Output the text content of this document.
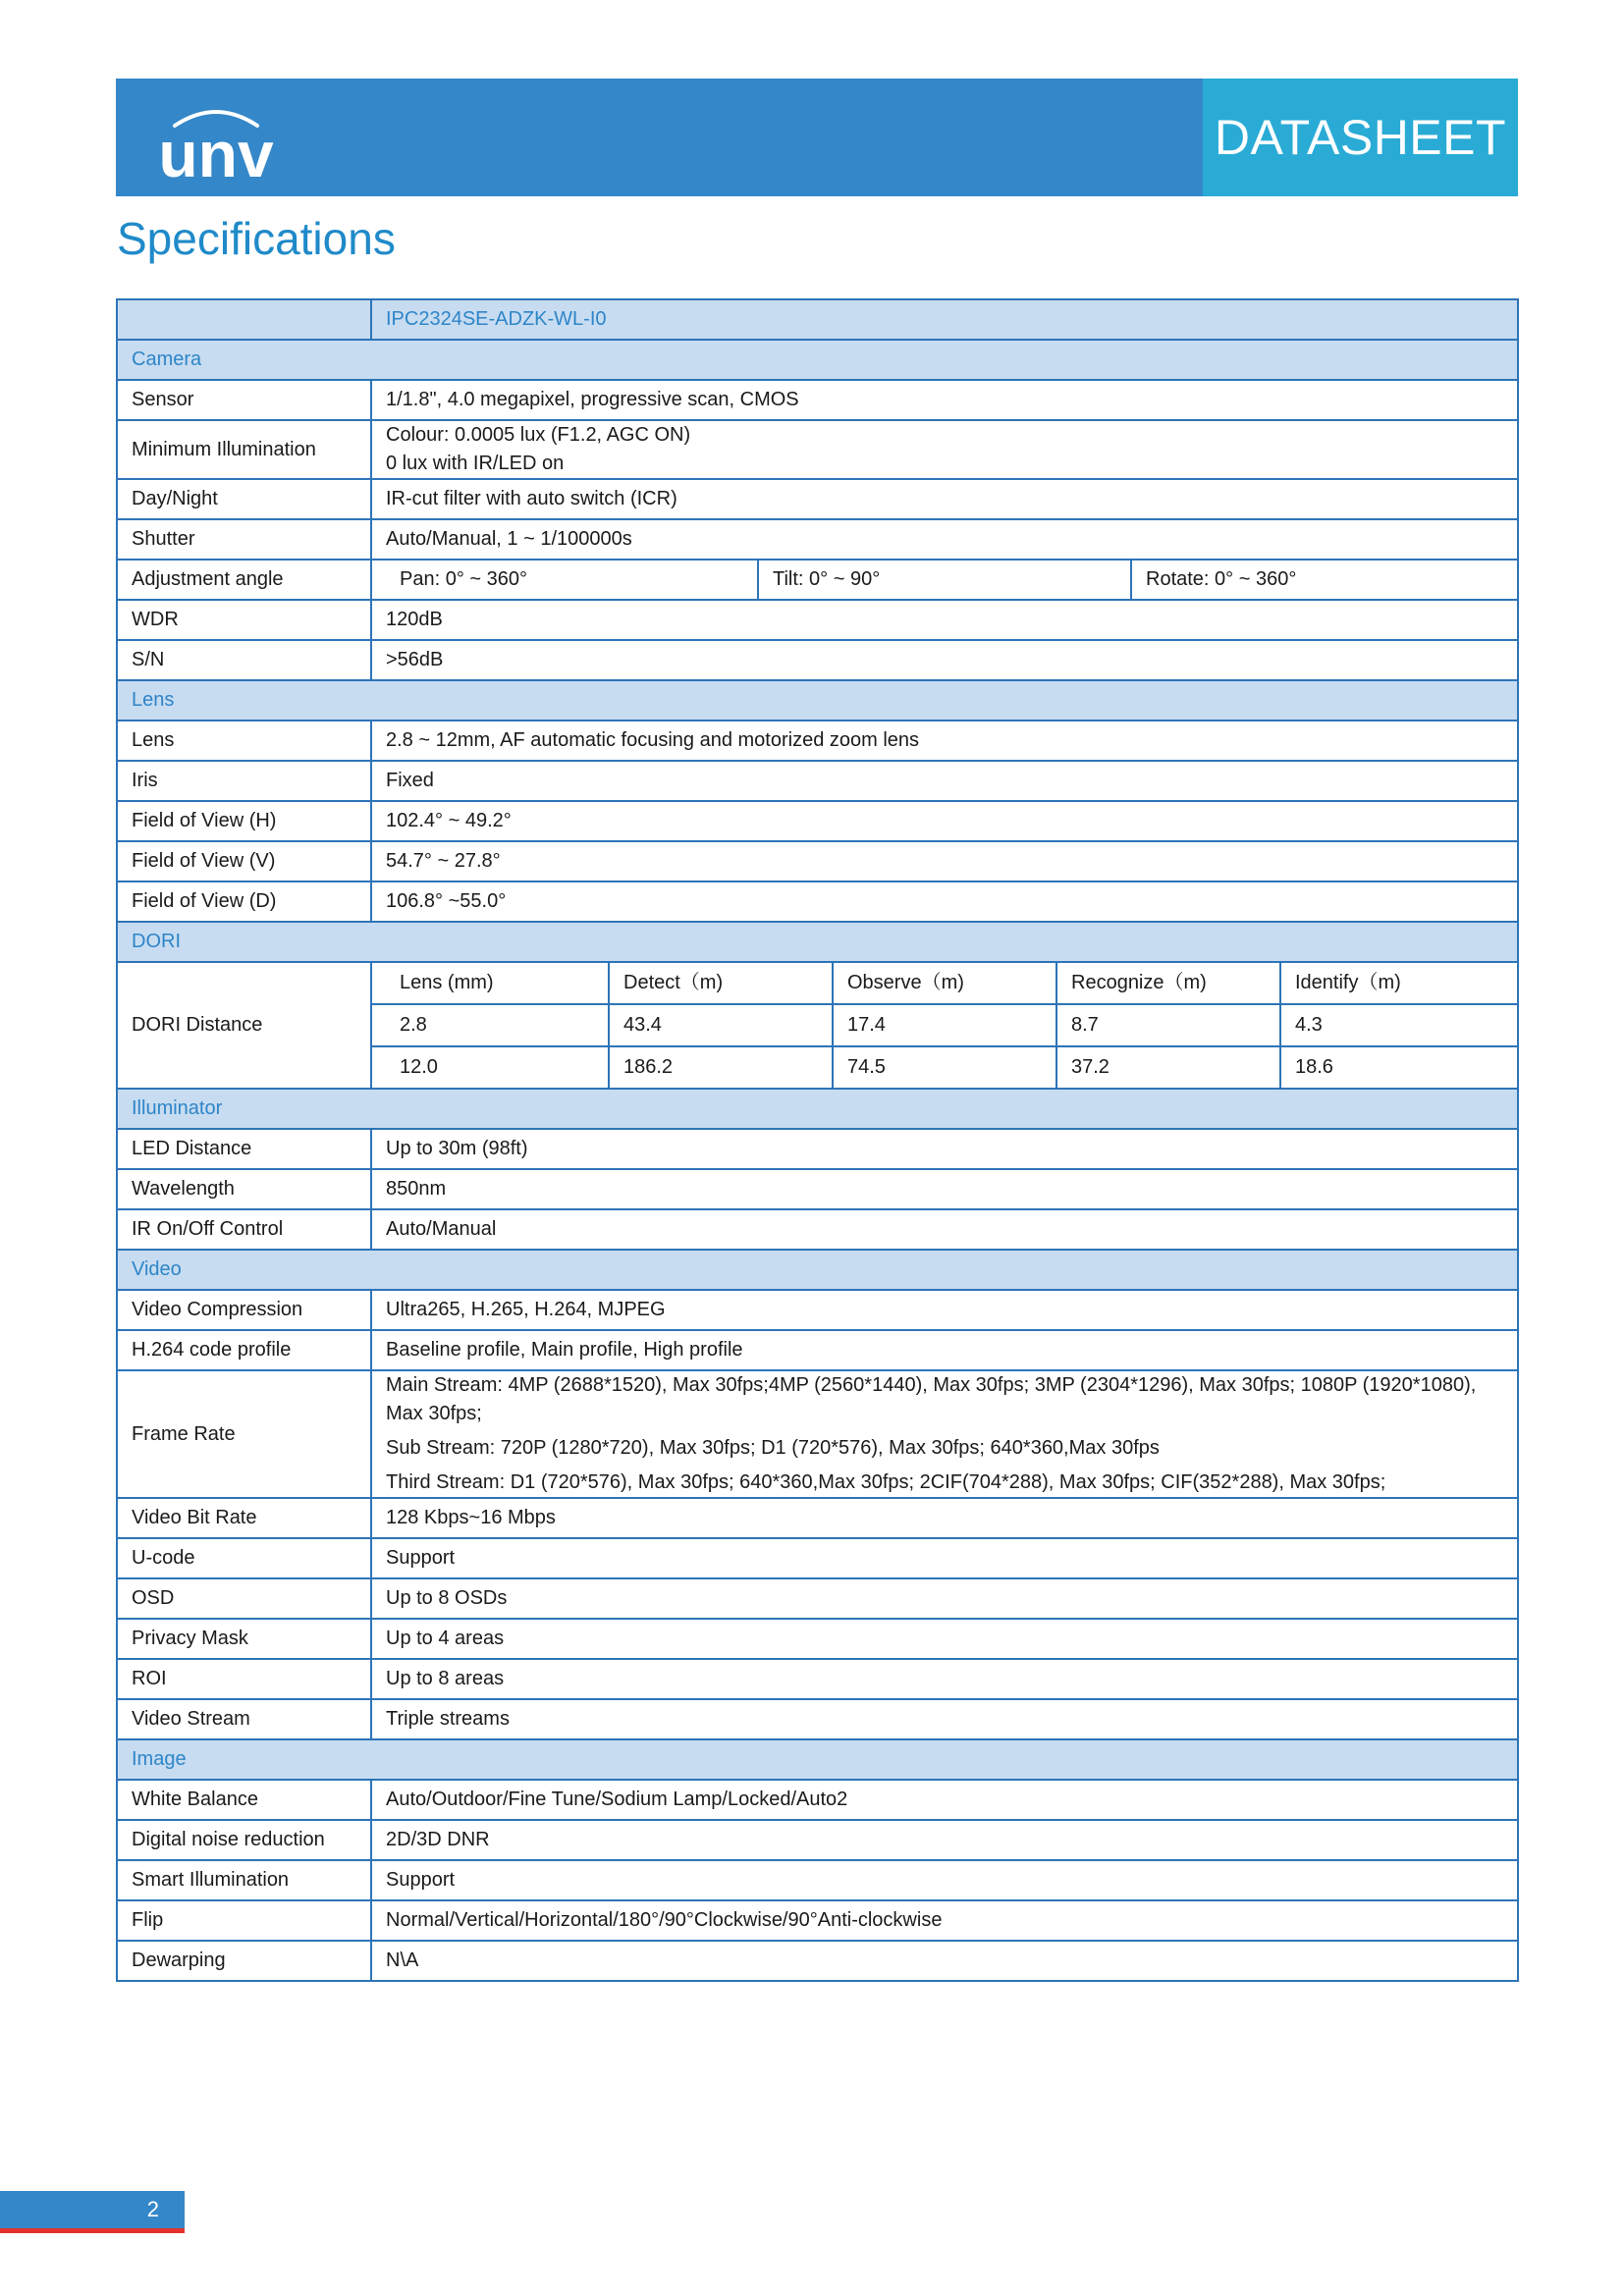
unv	DATASHEET
Specifications
	IPC2324SE-ADZK-WL-I0
Camera	
Sensor	1/1.8", 4.0 megapixel, progressive scan, CMOS
Minimum Illumination	Colour: 0.0005 lux (F1.2, AGC ON)
0 lux with IR/LED on

Day/Night	IR-cut filter with auto switch (ICR)
Shutter	Auto/Manual, 1 ~ 1/100000s
Adjustment angle	Pan: 0° ~ 360° Tilt: 0° ~ 90° Rotate: 0° ~ 360°

WDR	120dB
S/N	>56dB
Lens	
Lens	2.8 ~ 12mm, AF automatic focusing and motorized zoom lens
Iris	Fixed
Field of View (H)	102.4° ~ 49.2°
Field of View (V)	54.7° ~ 27.8°
Field of View (D)	106.8° ~55.0°
DORI	
DORI Distance	Lens (mm) Detect（m) Observe（m) Recognize（m) Identify（m)

2.8 43.4 17.4 8.7 4.3

12.0 186.2 74.5 37.2 18.6

Illuminator	
LED Distance	Up to 30m (98ft)
Wavelength	850nm
IR On/Off Control	Auto/Manual
Video	
Video Compression	Ultra265, H.265, H.264, MJPEG
H.264 code profile	Baseline profile, Main profile, High profile
Frame Rate	Main Stream: 4MP (2688*1520), Max 30fps;4MP (2560*1440), Max 30fps; 3MP (2304*1296), Max 30fps; 1080P (1920*1080), Max 30fps;
Sub Stream: 720P (1280*720), Max 30fps; D1 (720*576), Max 30fps; 640*360,Max 30fps
Third Stream: D1 (720*576), Max 30fps; 640*360,Max 30fps; 2CIF(704*288), Max 30fps; CIF(352*288), Max 30fps;

Video Bit Rate	128 Kbps~16 Mbps
U-code	Support
OSD	Up to 8 OSDs
Privacy Mask	Up to 4 areas
ROI	Up to 8 areas
Video Stream	Triple streams
Image	
White Balance	Auto/Outdoor/Fine Tune/Sodium Lamp/Locked/Auto2
Digital noise reduction	2D/3D DNR
Smart Illumination	Support
Flip	Normal/Vertical/Horizontal/180°/90°Clockwise/90°Anti-clockwise
Dewarping	N\A
2
